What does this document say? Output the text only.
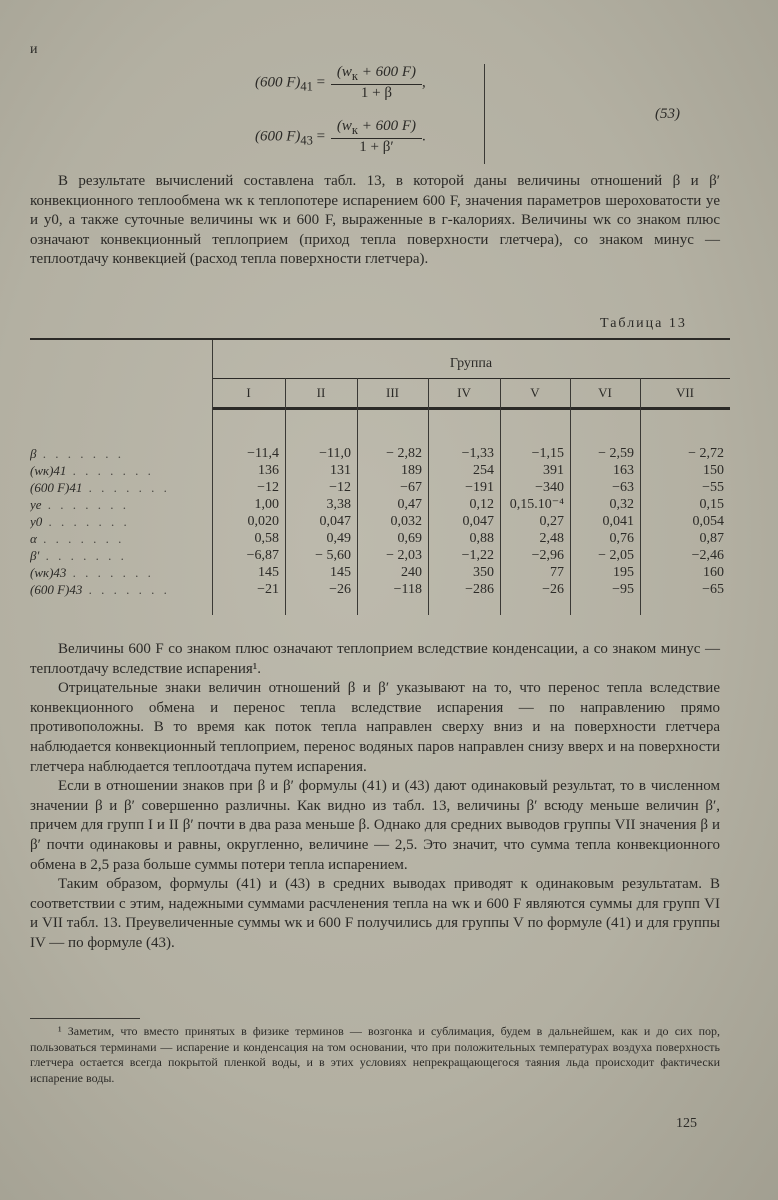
и
(600 $F)_{41} = \frac{(w_к + 600 F)}{1 + \beta}$ ,
(600 $F)_{43} = \frac{(w_к + 600 F)}{1 + \beta'}$ .
(53)

В результате вычислений составлена табл. 13, в которой даны величины отношений β и β′ конвекционного теплообмена wк к теплопотере испарением 600 F, значения параметров шероховатости yе и y0, а также суточные величины wк и 600 F, выраженные в г-калориях. Величины wк со знаком плюс означают конвекционный теплоприем (приход тепла поверхности глетчера), со знаком минус — теплоотдачу конвекцией (расход тепла поверхности глетчера).

Таблица 13
Группа
I	II	III	IV	V	VI	VII
β . . . . . . .	−11,4	−11,0	− 2,82	−1,33	−1,15	− 2,59	− 2,72
(wк)41 . . . . . . .	136	131	189	254	391	163	150
(600 F)41 . . . . . . .	−12	−12	−67	−191	−340	−63	−55
ye . . . . . . .	1,00	3,38	0,47	0,12	0,15.10⁻⁴	0,32	0,15
y0 . . . . . . .	0,020	0,047	0,032	0,047	0,27	0,041	0,054
α . . . . . . .	0,58	0,49	0,69	0,88	2,48	0,76	0,87
β′ . . . . . . .	−6,87	− 5,60	− 2,03	−1,22	−2,96	− 2,05	−2,46
(wк)43 . . . . . . .	145	145	240	350	77	195	160
(600 F)43 . . . . . . .	−21	−26	−118	−286	−26	−95	−65

Величины 600 F со знаком плюс означают теплоприем вследствие конденсации, а со знаком минус — теплоотдачу вследствие испарения¹.

Отрицательные знаки величин отношений β и β′ указывают на то, что перенос тепла вследствие конвекционного обмена и перенос тепла вследствие испарения — по направлению прямо противоположны. В то время как поток тепла направлен сверху вниз и на поверхности глетчера наблюдается конвекционный теплоприем, перенос водяных паров направлен снизу вверх и на поверхности глетчера наблюдается теплоотдача путем испарения.

Если в отношении знаков при β и β′ формулы (41) и (43) дают одинаковый результат, то в численном значении β и β′ совершенно различны. Как видно из табл. 13, величины β′ всюду меньше величин β′, причем для групп I и II β′ почти в два раза меньше β. Однако для средних выводов группы VII значения β и β′ почти одинаковы и равны, округленно, величине — 2,5. Это значит, что сумма тепла конвекционного обмена в 2,5 раза больше суммы потери тепла испарением.

Таким образом, формулы (41) и (43) в средних выводах приводят к одинаковым результатам. В соответствии с этим, надежными суммами расчленения тепла на wк и 600 F являются суммы для групп VI и VII табл. 13. Преувеличенные суммы wк и 600 F получились для группы V по формуле (41) и для группы IV — по формуле (43).

¹ Заметим, что вместо принятых в физике терминов — возгонка и сублимация, будем в дальнейшем, как и до сих пор, пользоваться терминами — испарение и конденсация на том основании, что при положительных температурах воздуха поверхность глетчера остается всегда покрытой пленкой воды, и в этих условиях непрекращающегося таяния льда происходит фактически испарение воды.

125
